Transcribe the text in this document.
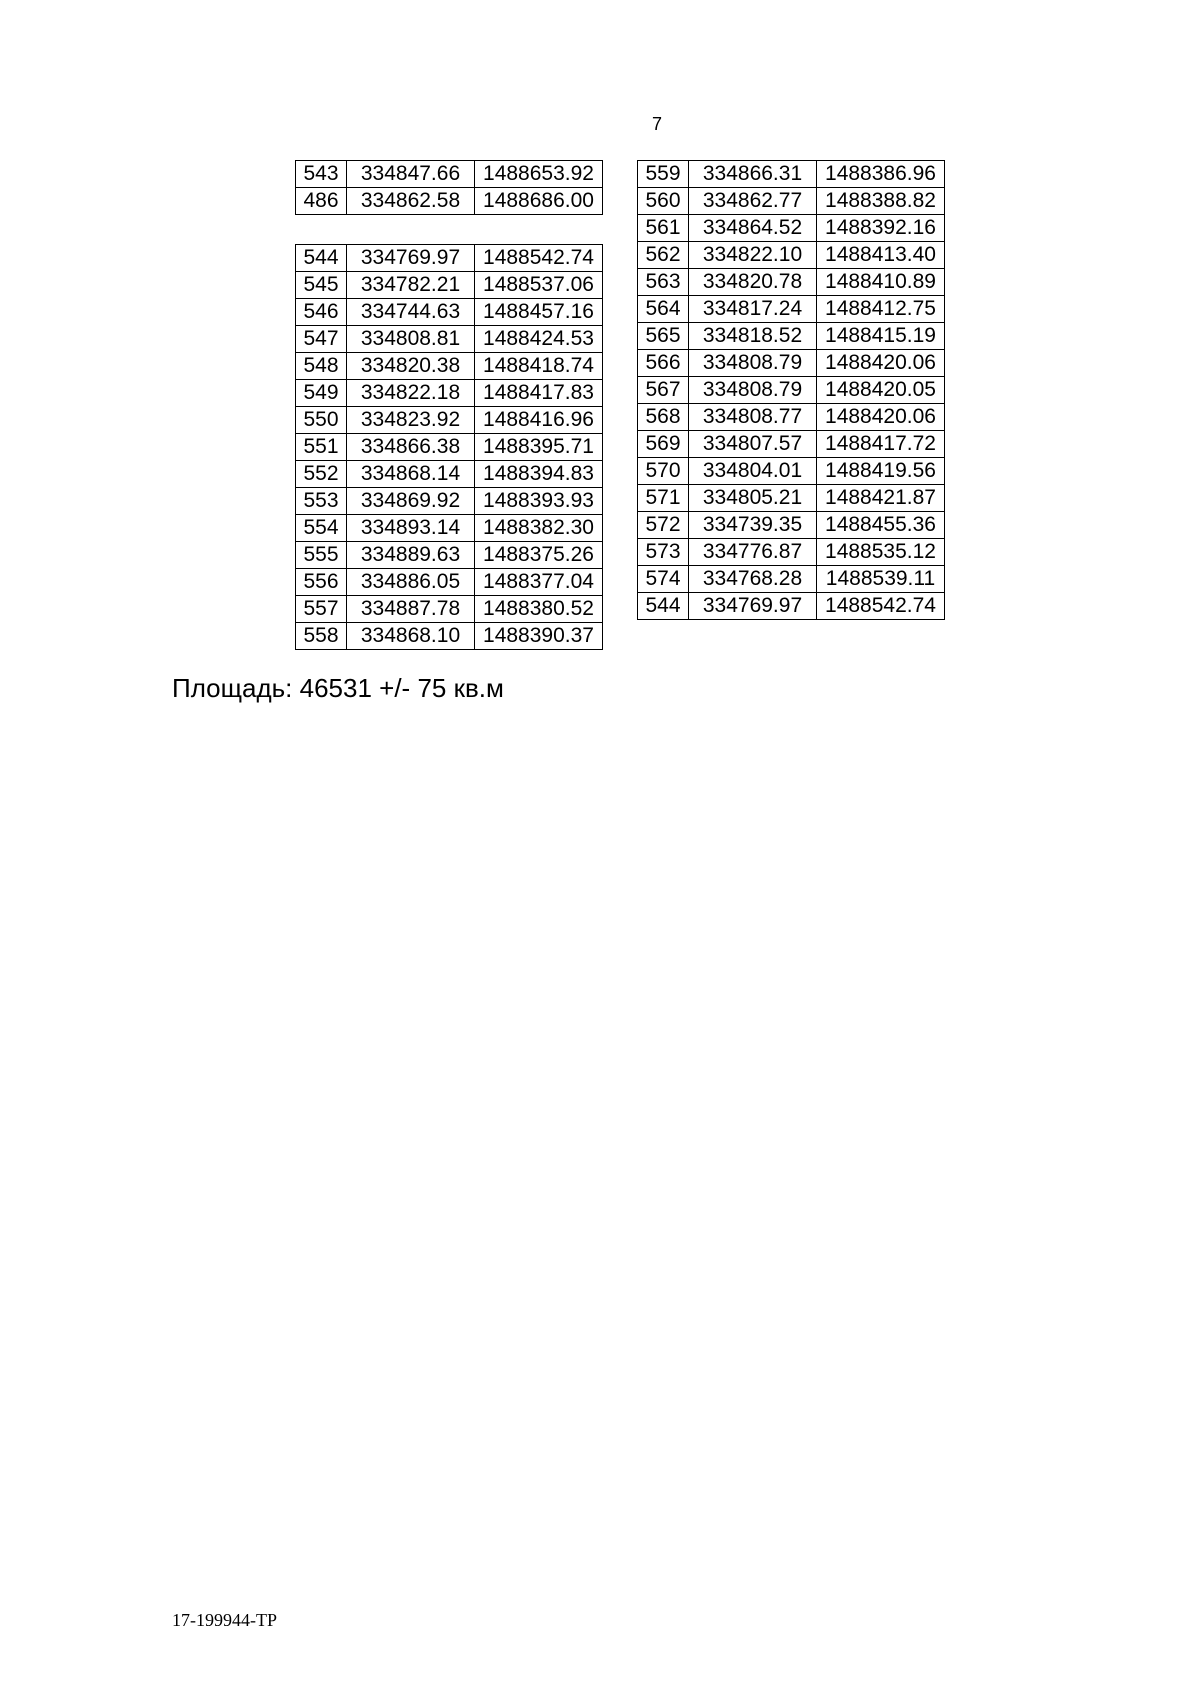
7
543	334847.66	1488653.92
486	334862.58	1488686.00
544	334769.97	1488542.74
545	334782.21	1488537.06
546	334744.63	1488457.16
547	334808.81	1488424.53
548	334820.38	1488418.74
549	334822.18	1488417.83
550	334823.92	1488416.96
551	334866.38	1488395.71
552	334868.14	1488394.83
553	334869.92	1488393.93
554	334893.14	1488382.30
555	334889.63	1488375.26
556	334886.05	1488377.04
557	334887.78	1488380.52
558	334868.10	1488390.37
559	334866.31	1488386.96
560	334862.77	1488388.82
561	334864.52	1488392.16
562	334822.10	1488413.40
563	334820.78	1488410.89
564	334817.24	1488412.75
565	334818.52	1488415.19
566	334808.79	1488420.06
567	334808.79	1488420.05
568	334808.77	1488420.06
569	334807.57	1488417.72
570	334804.01	1488419.56
571	334805.21	1488421.87
572	334739.35	1488455.36
573	334776.87	1488535.12
574	334768.28	1488539.11
544	334769.97	1488542.74
Площадь: 46531 +/- 75 кв.м
17-199944-ТР
